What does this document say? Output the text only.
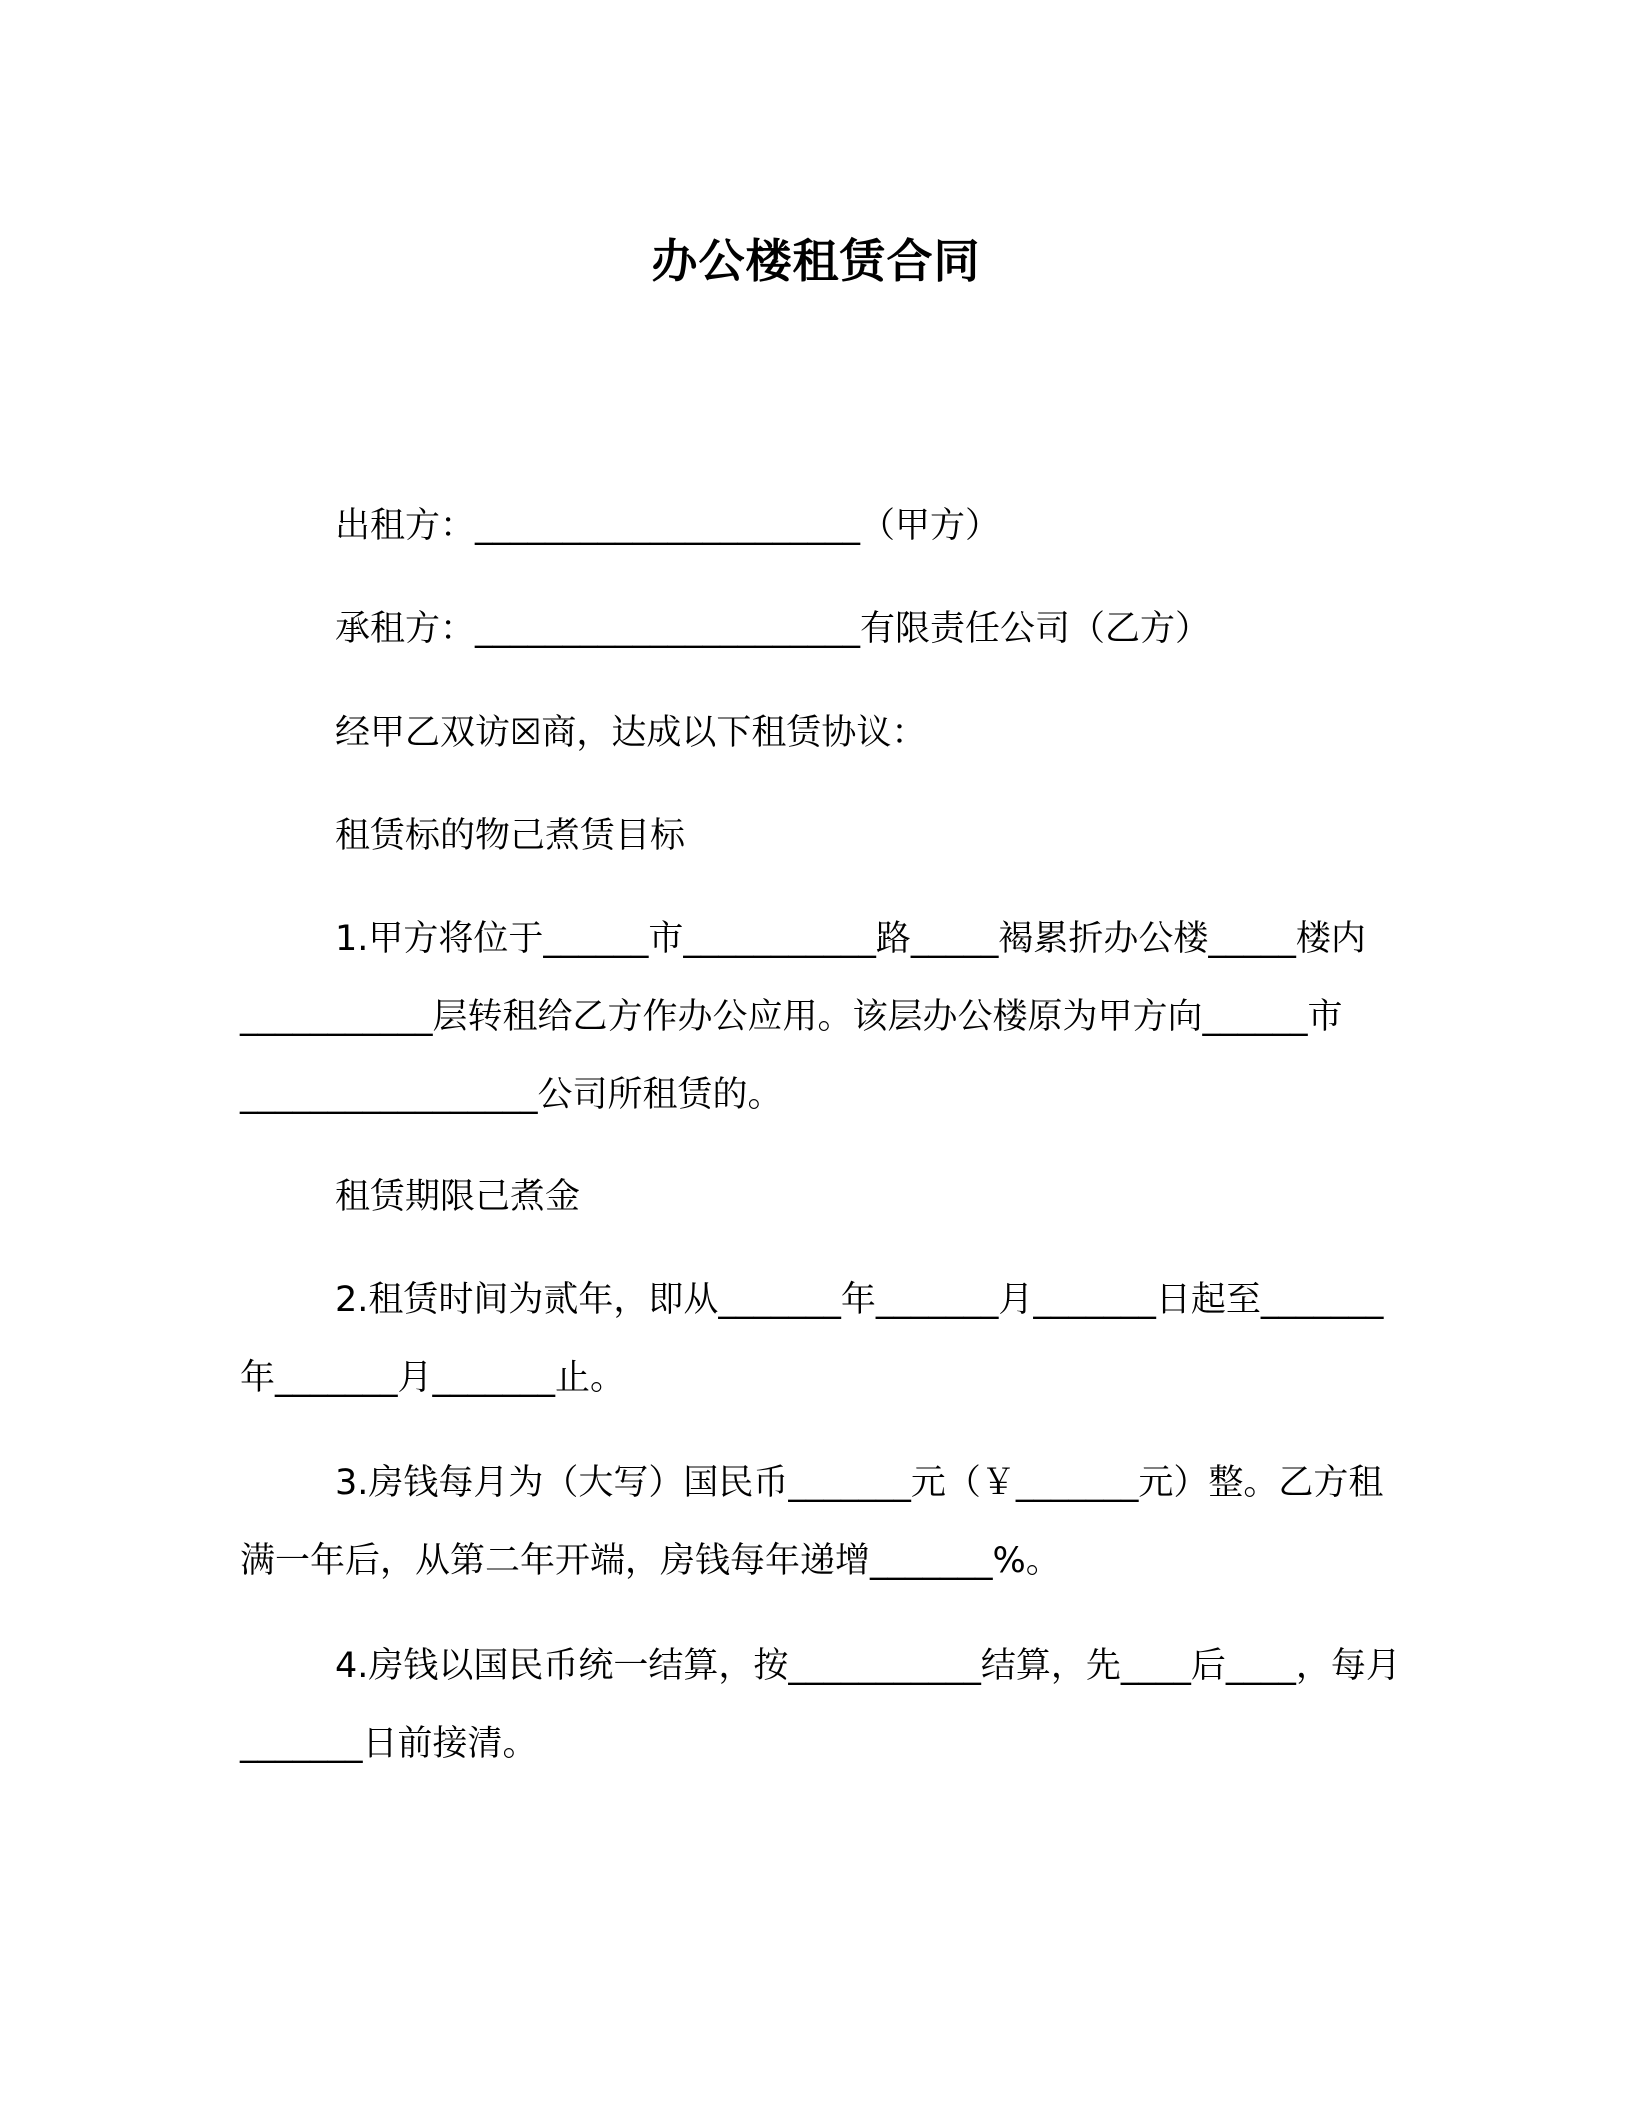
办公楼租赁合同

出租方：______________________（甲方）

承租方：______________________有限责任公司（乙方）

经甲乙双访☒商，达成以下租赁协议：

租赁标的物己煮赁目标

1.甲方将位于______市___________路_____褐累折办公楼_____楼内___________层转租给乙方作办公应用。该层办公楼原为甲方向______市_________________公司所租赁的。

租赁期限己煮金

2.租赁时间为贰年，即从_______年_______月_______日起至_______年_______月_______止。

3.房钱每月为（大写）国民币_______元（￥_______元）整。乙方租满一年后，从第二年开端，房钱每年递增_______%。

4.房钱以国民币统一结算，按___________结算，先____后____，每月_______日前接清。
